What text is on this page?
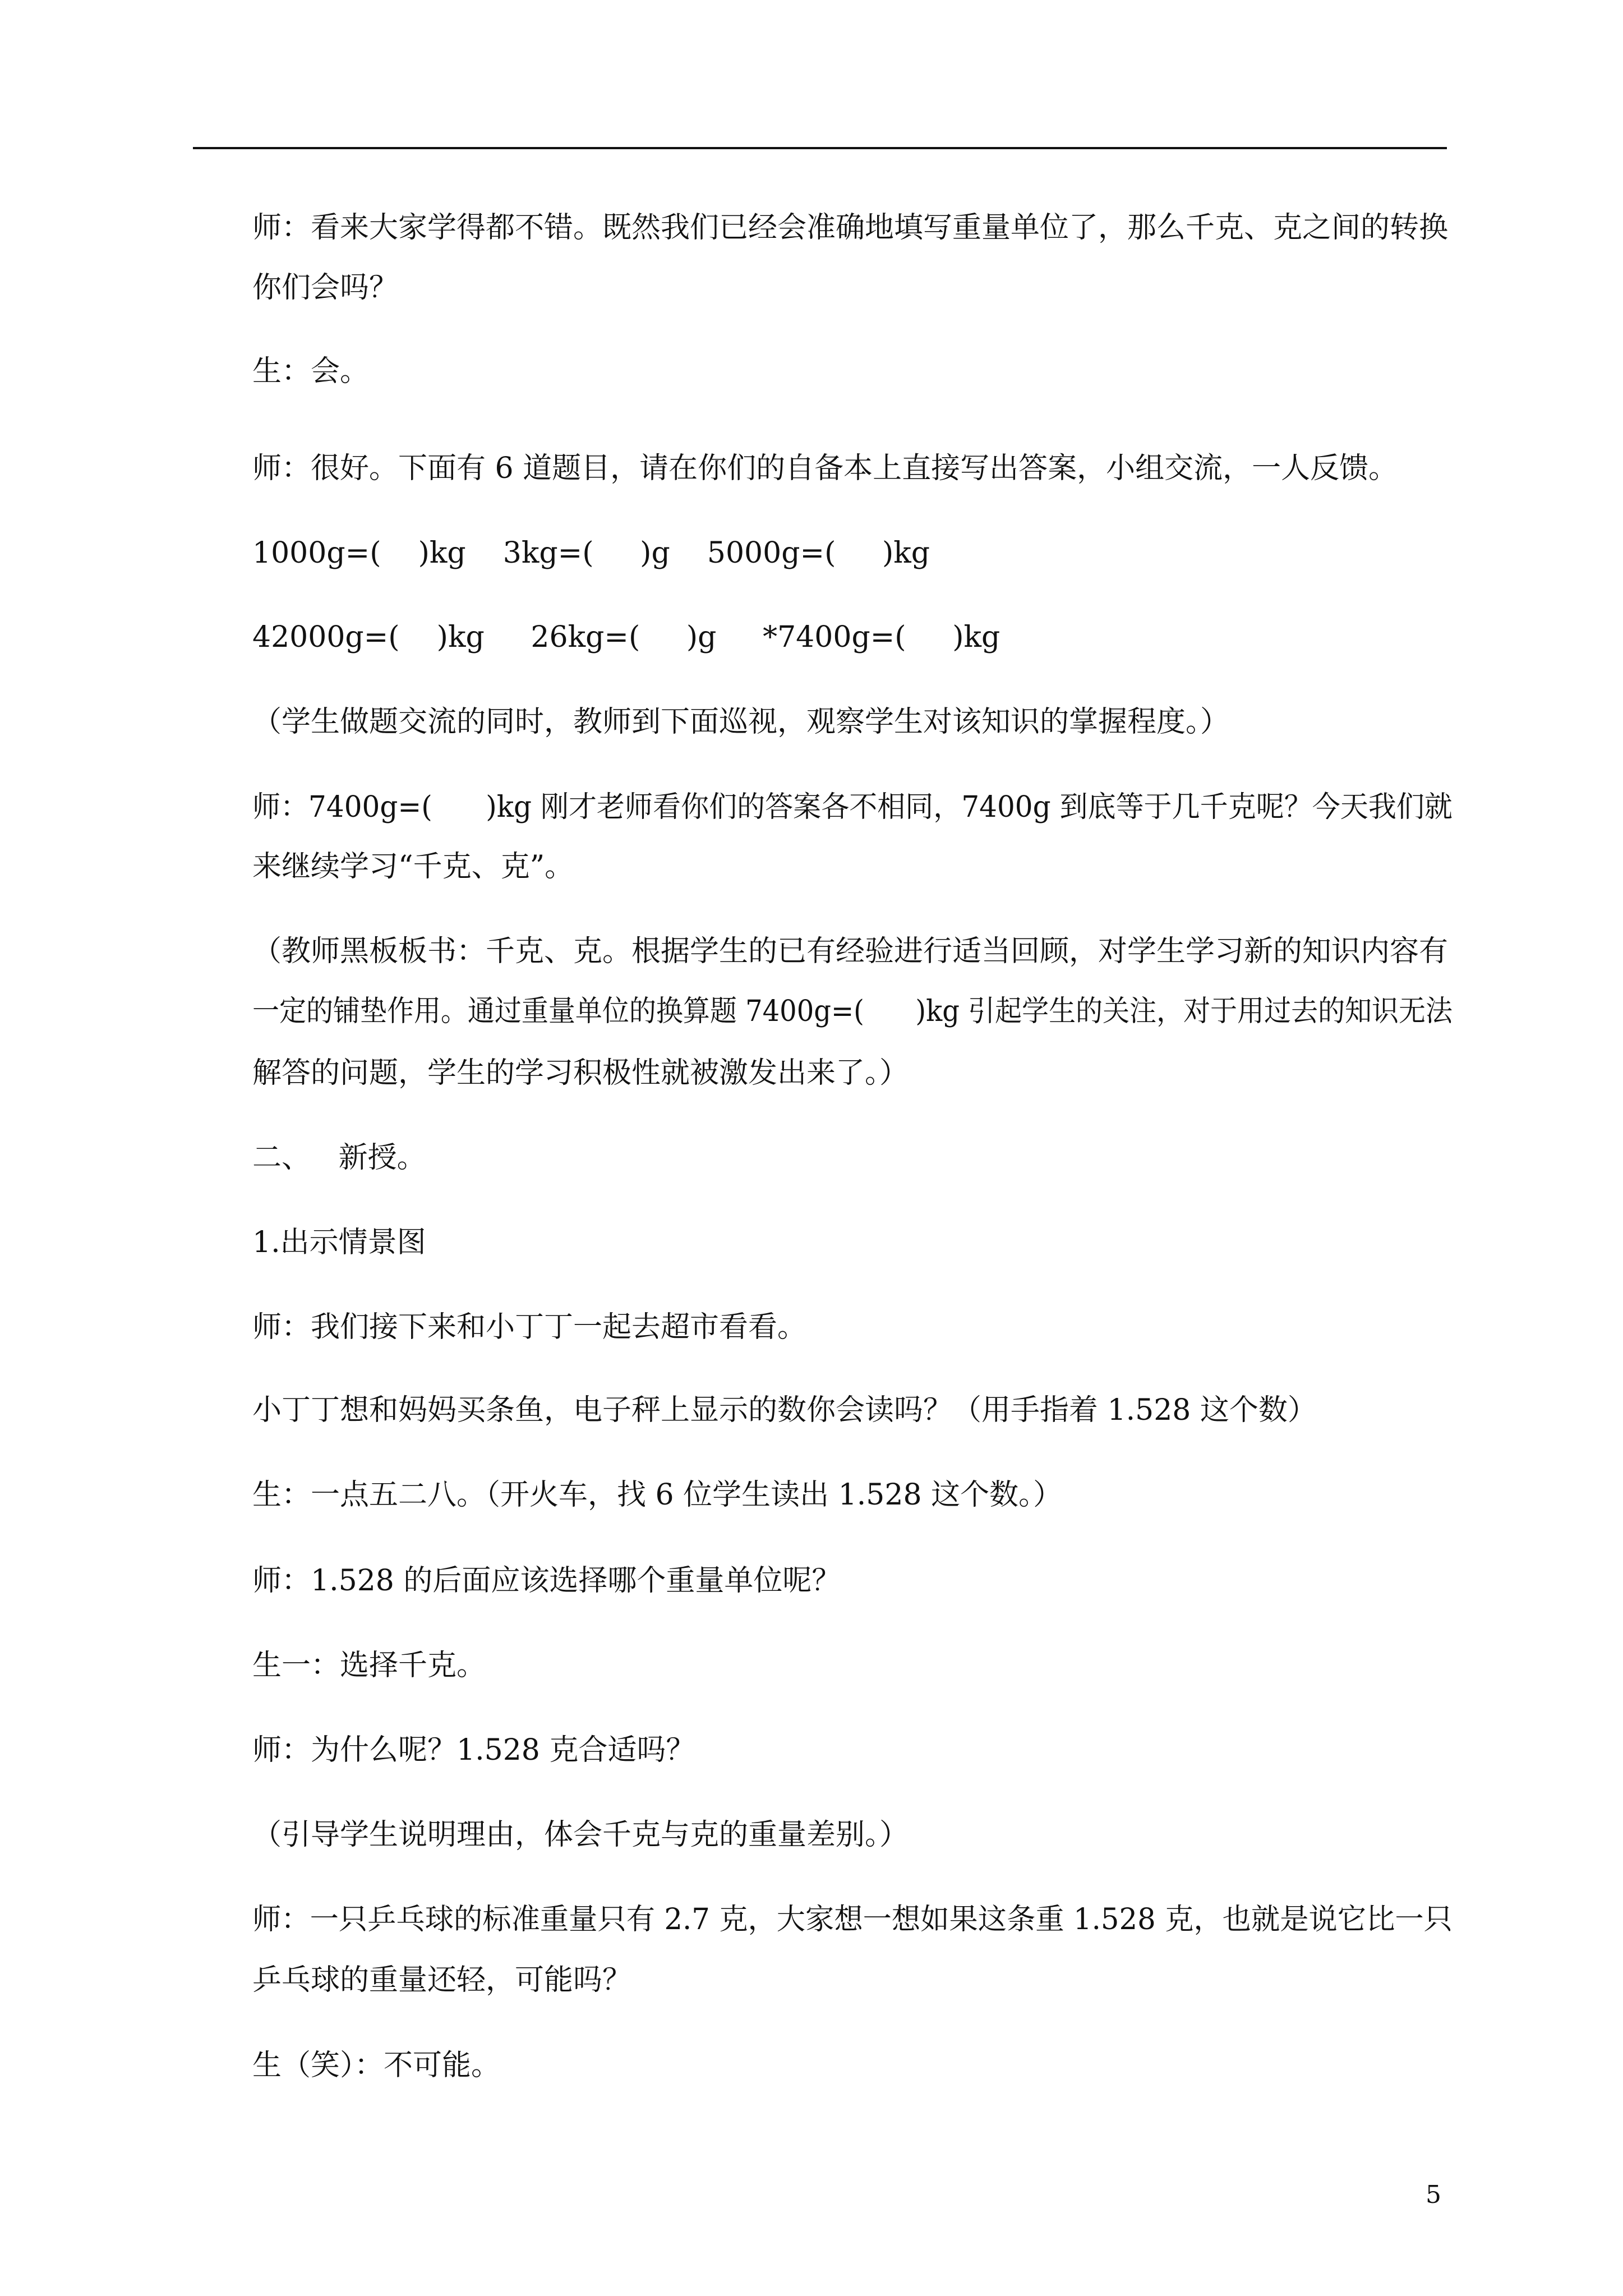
师：看来大家学得都不错。既然我们已经会准确地填写重量单位了，那么千克、克之间的转换
你们会吗？
生：会。
师：很好。下面有 6 道题目，请在你们的自备本上直接写出答案，小组交流，一人反馈。
1000g=(    )kg    3kg=(     )g    5000g=(     )kg
42000g=(    )kg     26kg=(     )g     *7400g=(     )kg
（学生做题交流的同时，教师到下面巡视，观察学生对该知识的掌握程度。）
师：7400g=(      )kg 刚才老师看你们的答案各不相同，7400g 到底等于几千克呢？今天我们就
来继续学习“千克、克”。
（教师黑板板书：千克、克。根据学生的已有经验进行适当回顾，对学生学习新的知识内容有
一定的铺垫作用。通过重量单位的换算题 7400g=(      )kg 引起学生的关注，对于用过去的知识无法
解答的问题，学生的学习积极性就被激发出来了。）
二、   新授。
1.出示情景图
师：我们接下来和小丁丁一起去超市看看。
小丁丁想和妈妈买条鱼，电子秤上显示的数你会读吗？（用手指着 1.528 这个数）
生：一点五二八。（开火车，找 6 位学生读出 1.528 这个数。）
师：1.528 的后面应该选择哪个重量单位呢？
生一：选择千克。
师：为什么呢？1.528 克合适吗？
（引导学生说明理由，体会千克与克的重量差别。）
师：一只乒乓球的标准重量只有 2.7 克，大家想一想如果这条重 1.528 克，也就是说它比一只
乒乓球的重量还轻，可能吗？
生（笑）：不可能。
5
